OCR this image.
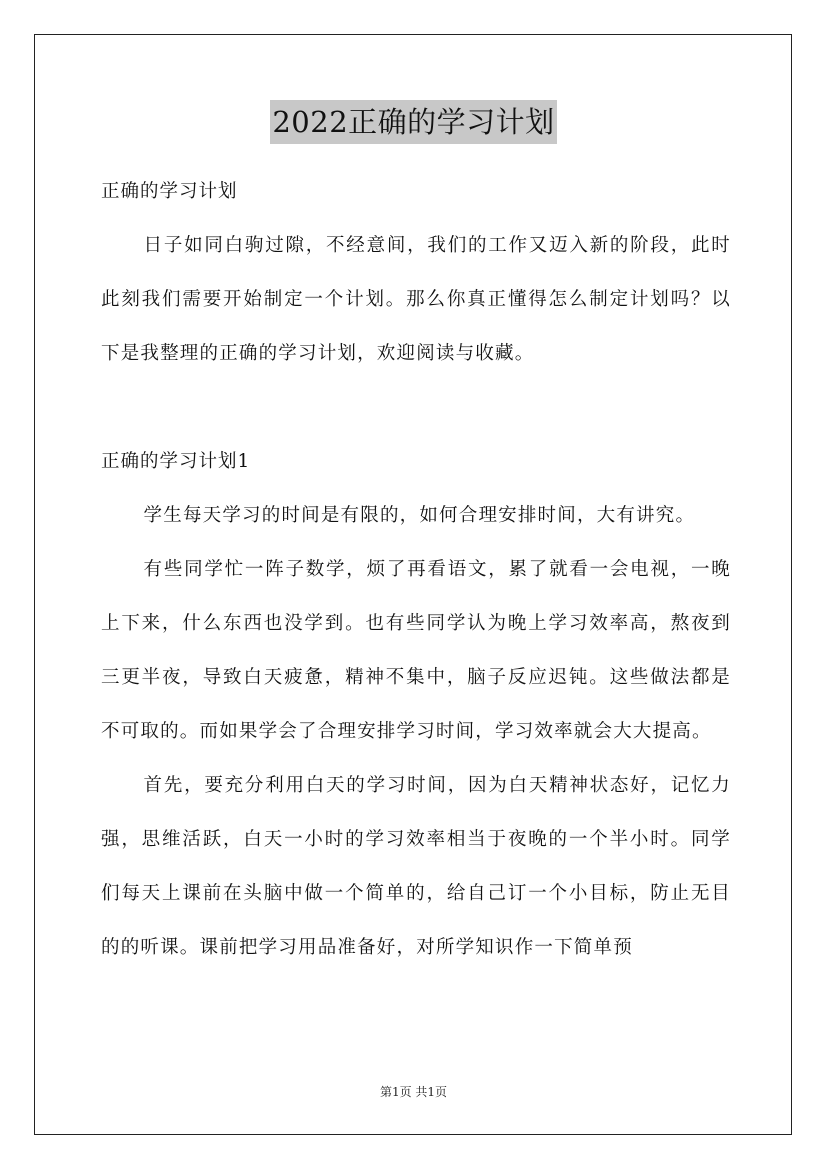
2022正确的学习计划

正确的学习计划

日子如同白驹过隙，不经意间，我们的工作又迈入新的阶段，此时此刻我们需要开始制定一个计划。那么你真正懂得怎么制定计划吗？以下是我整理的正确的学习计划，欢迎阅读与收藏。

正确的学习计划1

学生每天学习的时间是有限的，如何合理安排时间，大有讲究。

有些同学忙一阵子数学，烦了再看语文，累了就看一会电视，一晚上下来，什么东西也没学到。也有些同学认为晚上学习效率高，熬夜到三更半夜，导致白天疲惫，精神不集中，脑子反应迟钝。这些做法都是不可取的。而如果学会了合理安排学习时间，学习效率就会大大提高。

首先，要充分利用白天的学习时间，因为白天精神状态好，记忆力强，思维活跃，白天一小时的学习效率相当于夜晚的一个半小时。同学们每天上课前在头脑中做一个简单的，给自己订一个小目标，防止无目的的听课。课前把学习用品准备好，对所学知识作一下简单预

第1页 共1页
